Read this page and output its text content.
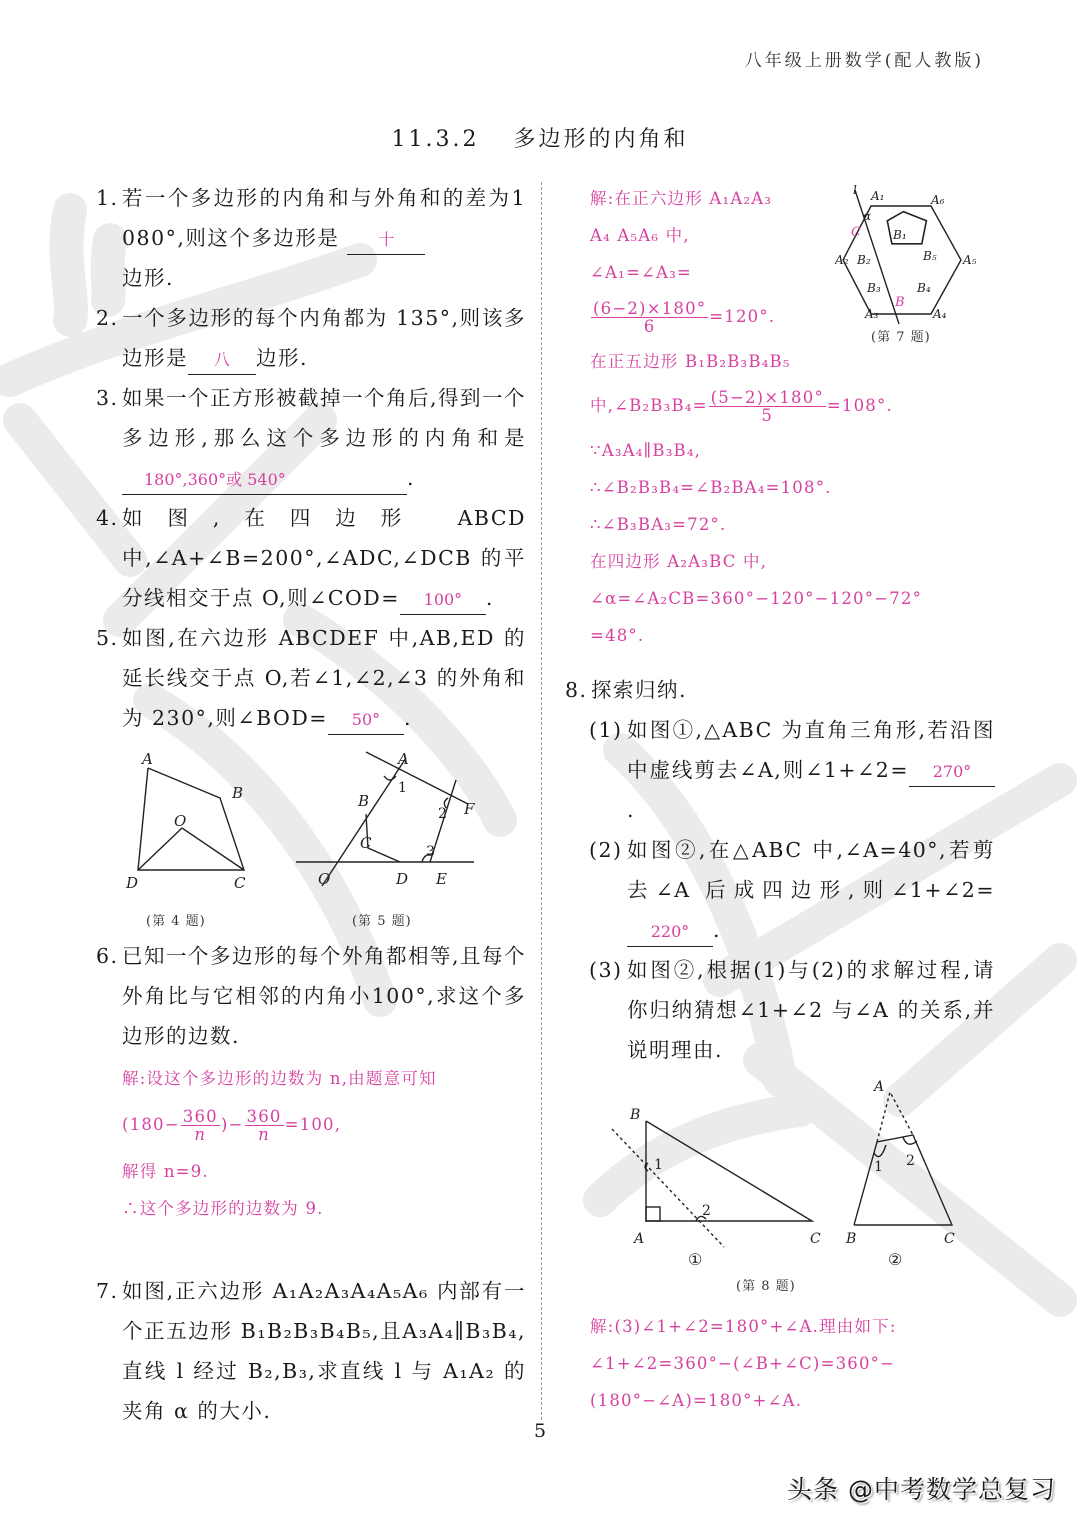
八年级上册数学(配人教版)
11.3.2 多边形的内角和
1. 若一个多边形的内角和与外角和的差为1 080°,则这个多边形是 十
边形.
2. 一个多边形的每个内角都为 135°,则该多边形是 八 边形.
3. 如果一个正方形被截掉一个角后,得到一个多边形,那么这个多边形的内角和是180°,360°或 540°	.
4. 如图,在四边形 ABCD 中,∠A+∠B=200°,∠ADC,∠DCB 的平分线相交于点 O,则∠COD= 100° .
5. 如图,在六边形 ABCDEF 中,AB,ED 的延长线交于点 O,若∠1,∠2,∠3 的外角和为 230°,则∠BOD= 50° .
A
B
O
D	C
A
B
C
D E
F
O
1
2
3
(第 4 题)	(第 5 题)
6. 已知一个多边形的每个外角都相等,且每个外角比与它相邻的内角小100°,求这个多边形的边数.
解:设这个多边形的边数为 n,由题意可知
($180- \frac{360}{n}$ )− $\frac{360}{n} =100$,
解得 n=9.
∴这个多边形的边数为 9.
7. 如图,正六边形 A₁A₂A₃A₄A₅A₆ 内部有一个正五边形 B₁B₂B₃B₄B₅,且A₃A₄∥B₃B₄,直线 l 经过 B₂,B₃,求直线 l 与 A₁A₂ 的夹角 α 的大小.
解:在正六边形 A₁A₂A₃
A₄ A₅A₆ 中,
∠A₁=∠A₃=
$\frac{(6-2)\times 180^\circ}{6} =120^\circ$.
在正五边形 B₁B₂B₃B₄B₅
中,∠B₂B₃B₄= $\frac{(5-2)\times 180^\circ}{5} =108^\circ$.
∵A₃A₄∥B₃B₄,
∴∠B₂B₃B₄=∠B₂BA₄=108°.
∴∠B₃BA₃=72°.
在四边形 A₂A₃BC 中,
∠α=∠A₂CB=360°−120°−120°−72°
=48°.
l A₁	A₆
α
B₁
A₂ B₂	B₅ A₅
B₃	B₄
A₃	A₄
C
B
(第 7 题)
8. 探索归纳.
(1) 如图①,△ABC 为直角三角形,若沿图中虚线剪去∠A,则∠1+∠2= 270°.
(2) 如图②,在△ABC 中,∠A=40°,若剪去∠A 后成四边形,则∠1+∠2=220° .
(3) 如图②,根据(1)与(2)的求解过程,请你归纳猜想∠1+∠2 与∠A 的关系,并说明理由.
B
A	C
A
B	C
1
2
1 2
①	②
(第 8 题)
解:(3)∠1+∠2=180°+∠A.理由如下:
∠1+∠2=360°−(∠B+∠C)=360°−
(180°−∠A)=180°+∠A.
5
头条 @中考数学总复习
